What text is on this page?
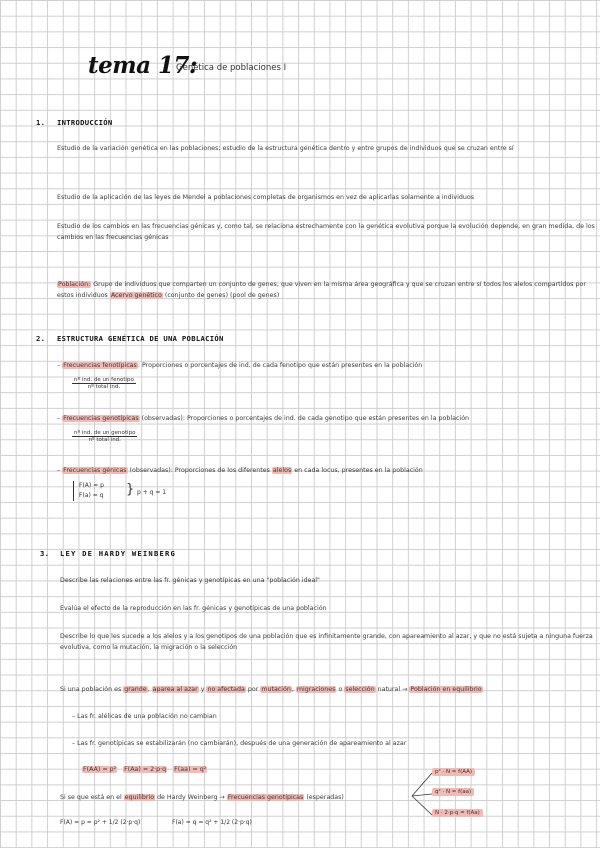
tema 17:
Genética de poblaciones I
1. INTRODUCCIÓN
Estudio de la variación genética en las poblaciones; estudio de la estructura genética dentro y entre grupos de individuos que se cruzan entre sí
Estudio de la aplicación de las leyes de Mendel a poblaciones completas de organismos en vez de aplicarlas solamente a individuos
Estudio de los cambios en las frecuencias génicas y, como tal, se relaciona estrechamente con la genética evolutiva porque la evolución depende, en gran medida, de los cambios en las frecuencias génicas
Población: Grupo de individuos que comparten un conjunto de genes, que viven en la misma área geográfica y que se cruzan entre sí todos los alelos compartidos por estos individuos Acervo genético (conjunto de genes) (pool de genes)
2. ESTRUCTURA GENÉTICA DE UNA POBLACIÓN
– Frecuencias fenotípicas: Proporciones o porcentajes de ind. de cada fenotipo que están presentes en la población
nº ind. de un fenotipo
nº total ind.
– Frecuencias genotípicas (observadas): Proporciones o porcentajes de ind. de cada genotipo que están presentes en la población
nº ind. de un genotipo
nº total ind.
– Frecuencias génicas (observadas): Proporciones de los diferentes alelos en cada locus, presentes en la población
F(A) = p
F(a) = q } p + q = 1
3. LEY DE HARDY WEINBERG
Describe las relaciones entre las fr. génicas y genotípicas en una "población ideal"
Evalúa el efecto de la reproducción en las fr. génicas y genotípicas de una población
Describe lo que les sucede a los alelos y a los genotipos de una población que es infinitamente grande, con apareamiento al azar, y que no está sujeta a ninguna fuerza evolutiva, como la mutación, la migración o la selección
Si una población es grande, aparea al azar y no afectada por mutación, migraciones o selección natural → Población en equilibrio
– Las fr. alélicas de una población no cambian
– Las fr. genotípicas se estabilizarán (no cambiarán), después de una generación de apareamiento al azar
F(AA) = p² F(Aa) = 2·p·q F(aa) = q²
Si se que está en el equilibrio de Hardy Weinberg → Frecuencias genotípicas (esperadas)
p² · N = f(AA)
q² · N = f(aa)
N · 2·p·q = f(Aa)
F(A) = p = p² + 1/2 (2·p·q)	F(a) = q = q² + 1/2 (2·p·q)
